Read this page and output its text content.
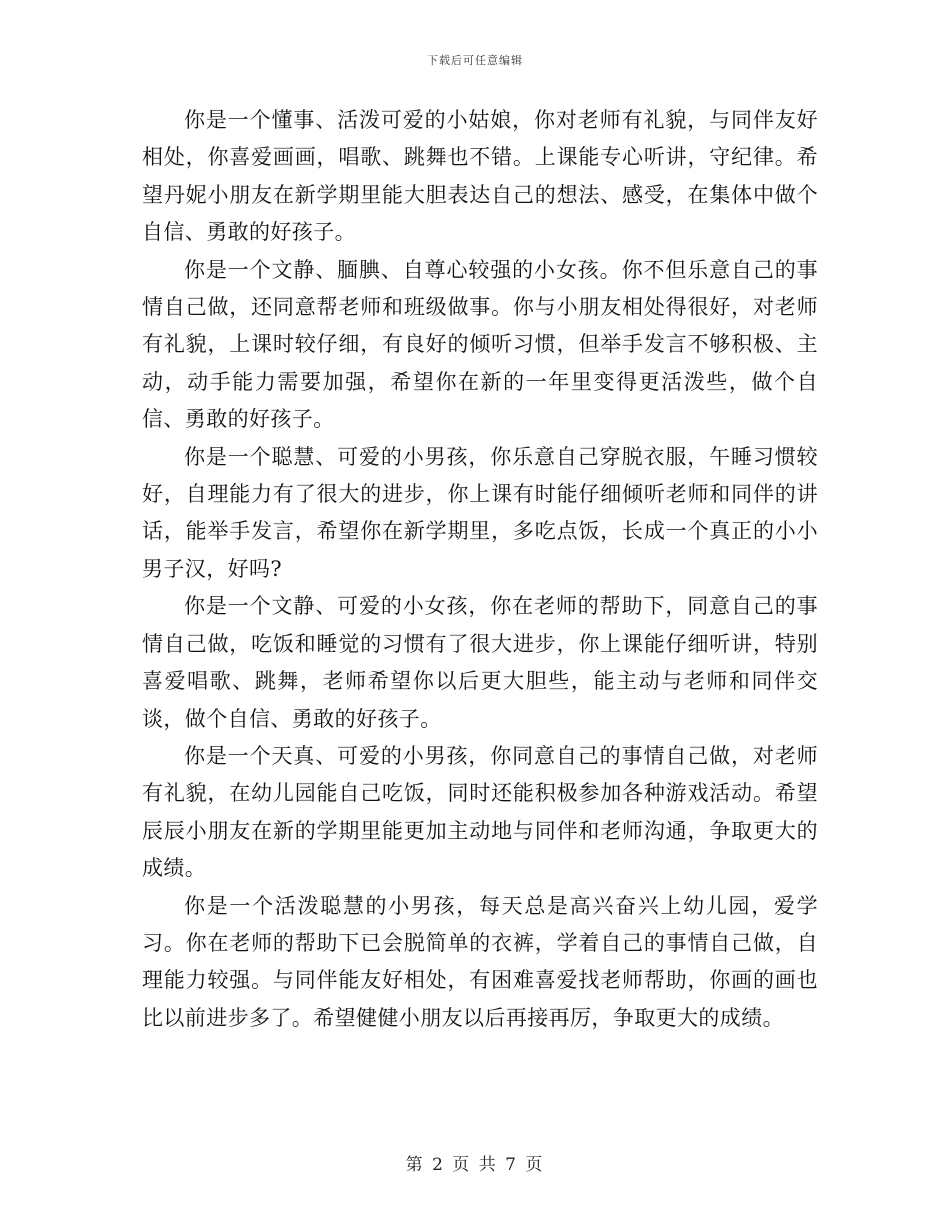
下载后可任意编辑

你是一个懂事、活泼可爱的小姑娘，你对老师有礼貌，与同伴友好相处，你喜爱画画，唱歌、跳舞也不错。上课能专心听讲，守纪律。希望丹妮小朋友在新学期里能大胆表达自己的想法、感受，在集体中做个自信、勇敢的好孩子。

你是一个文静、腼腆、自尊心较强的小女孩。你不但乐意自己的事情自己做，还同意帮老师和班级做事。你与小朋友相处得很好，对老师有礼貌，上课时较仔细，有良好的倾听习惯，但举手发言不够积极、主动，动手能力需要加强，希望你在新的一年里变得更活泼些，做个自信、勇敢的好孩子。

你是一个聪慧、可爱的小男孩，你乐意自己穿脱衣服，午睡习惯较好，自理能力有了很大的进步，你上课有时能仔细倾听老师和同伴的讲话，能举手发言，希望你在新学期里，多吃点饭，长成一个真正的小小男子汉，好吗?

你是一个文静、可爱的小女孩，你在老师的帮助下，同意自己的事情自己做，吃饭和睡觉的习惯有了很大进步，你上课能仔细听讲，特别喜爱唱歌、跳舞，老师希望你以后更大胆些，能主动与老师和同伴交谈，做个自信、勇敢的好孩子。

你是一个天真、可爱的小男孩，你同意自己的事情自己做，对老师有礼貌，在幼儿园能自己吃饭，同时还能积极参加各种游戏活动。希望辰辰小朋友在新的学期里能更加主动地与同伴和老师沟通，争取更大的成绩。

你是一个活泼聪慧的小男孩，每天总是高兴奋兴上幼儿园，爱学习。你在老师的帮助下已会脱简单的衣裤，学着自己的事情自己做，自理能力较强。与同伴能友好相处，有困难喜爱找老师帮助，你画的画也比以前进步多了。希望健健小朋友以后再接再厉，争取更大的成绩。

第 2 页 共 7 页
